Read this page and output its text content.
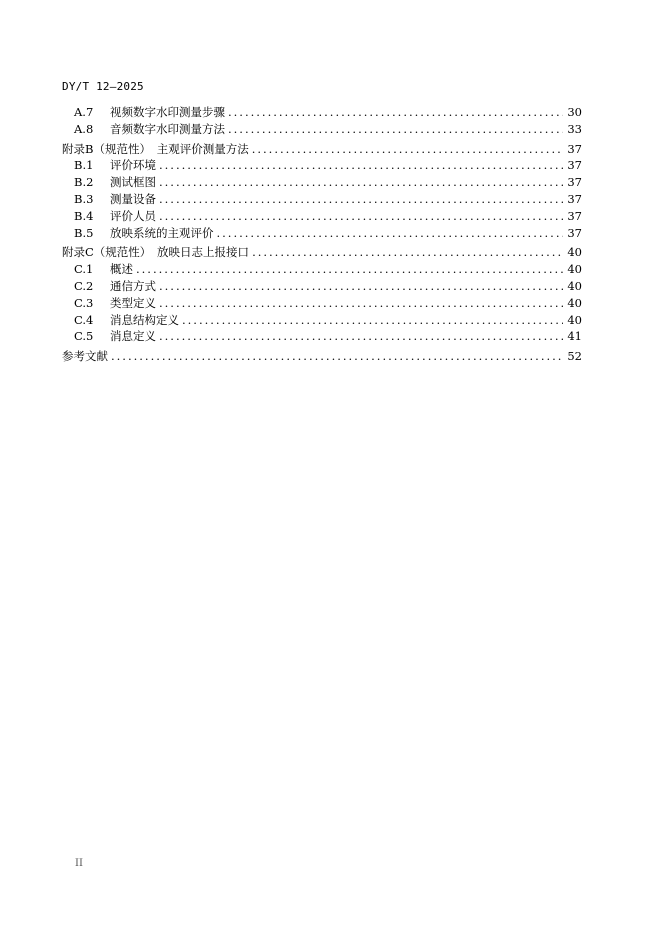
DY/T 12—2025
A.7	视频数字水印测量步骤 .....	30
A.8	音频数字水印测量方法 .....	33
附录B（规范性）　主观评价测量方法 .....	37
B.1	评价环境 .....	37
B.2	测试框图 .....	37
B.3	测量设备 .....	37
B.4	评价人员 .....	37
B.5	放映系统的主观评价 .....	37
附录C（规范性）　放映日志上报接口 .....	40
C.1	概述 .....	40
C.2	通信方式 .....	40
C.3	类型定义 .....	40
C.4	消息结构定义 .....	40
C.5	消息定义 .....	41
参考文献 .....	52
II
